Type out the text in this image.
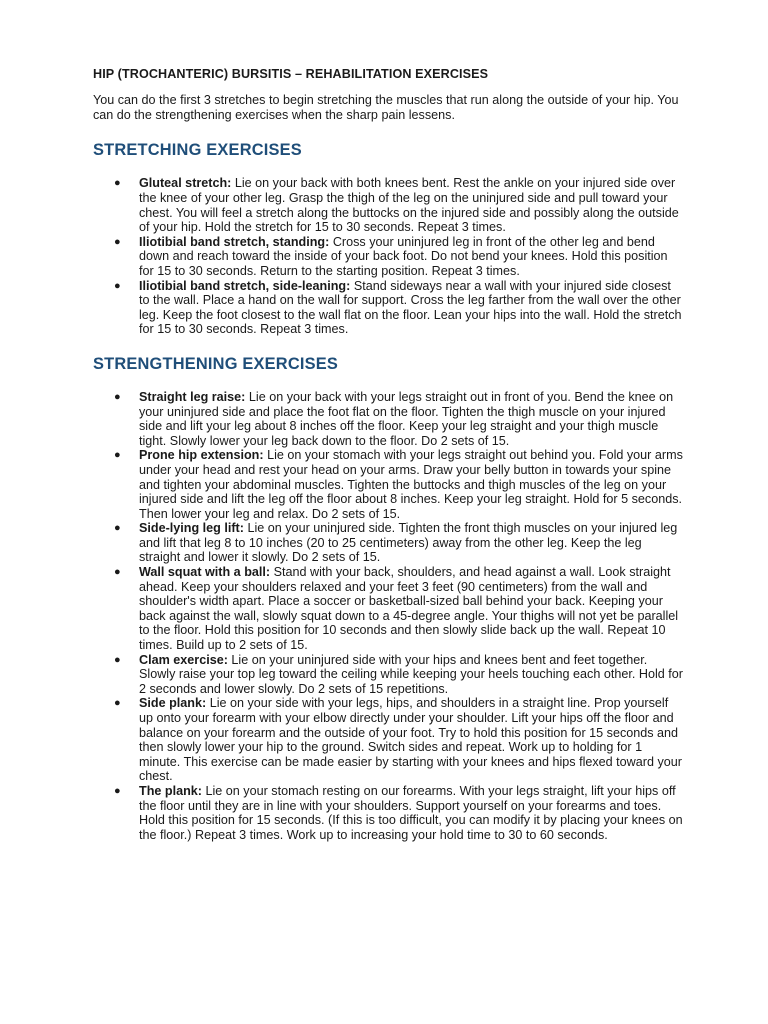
HIP (TROCHANTERIC) BURSITIS – REHABILITATION EXERCISES

You can do the first 3 stretches to begin stretching the muscles that run along the outside of your hip. You can do the strengthening exercises when the sharp pain lessens.

STRETCHING EXERCISES
● Gluteal stretch: Lie on your back with both knees bent. Rest the ankle on your injured side over the knee of your other leg. Grasp the thigh of the leg on the uninjured side and pull toward your chest. You will feel a stretch along the buttocks on the injured side and possibly along the outside of your hip. Hold the stretch for 15 to 30 seconds. Repeat 3 times.
● Iliotibial band stretch, standing: Cross your uninjured leg in front of the other leg and bend down and reach toward the inside of your back foot. Do not bend your knees. Hold this position for 15 to 30 seconds. Return to the starting position. Repeat 3 times.
● Iliotibial band stretch, side-leaning: Stand sideways near a wall with your injured side closest to the wall. Place a hand on the wall for support. Cross the leg farther from the wall over the other leg. Keep the foot closest to the wall flat on the floor. Lean your hips into the wall. Hold the stretch for 15 to 30 seconds. Repeat 3 times.
STRENGTHENING EXERCISES
● Straight leg raise: Lie on your back with your legs straight out in front of you. Bend the knee on your uninjured side and place the foot flat on the floor. Tighten the thigh muscle on your injured side and lift your leg about 8 inches off the floor. Keep your leg straight and your thigh muscle tight. Slowly lower your leg back down to the floor. Do 2 sets of 15.
● Prone hip extension: Lie on your stomach with your legs straight out behind you. Fold your arms under your head and rest your head on your arms. Draw your belly button in towards your spine and tighten your abdominal muscles. Tighten the buttocks and thigh muscles of the leg on your injured side and lift the leg off the floor about 8 inches. Keep your leg straight. Hold for 5 seconds. Then lower your leg and relax. Do 2 sets of 15.
● Side-lying leg lift: Lie on your uninjured side. Tighten the front thigh muscles on your injured leg and lift that leg 8 to 10 inches (20 to 25 centimeters) away from the other leg. Keep the leg straight and lower it slowly. Do 2 sets of 15.
● Wall squat with a ball: Stand with your back, shoulders, and head against a wall. Look straight ahead. Keep your shoulders relaxed and your feet 3 feet (90 centimeters) from the wall and shoulder's width apart. Place a soccer or basketball-sized ball behind your back. Keeping your back against the wall, slowly squat down to a 45-degree angle. Your thighs will not yet be parallel to the floor. Hold this position for 10 seconds and then slowly slide back up the wall. Repeat 10 times. Build up to 2 sets of 15.
● Clam exercise: Lie on your uninjured side with your hips and knees bent and feet together. Slowly raise your top leg toward the ceiling while keeping your heels touching each other. Hold for 2 seconds and lower slowly. Do 2 sets of 15 repetitions.
● Side plank: Lie on your side with your legs, hips, and shoulders in a straight line. Prop yourself up onto your forearm with your elbow directly under your shoulder. Lift your hips off the floor and balance on your forearm and the outside of your foot. Try to hold this position for 15 seconds and then slowly lower your hip to the ground. Switch sides and repeat. Work up to holding for 1 minute. This exercise can be made easier by starting with your knees and hips flexed toward your chest.
● The plank: Lie on your stomach resting on our forearms. With your legs straight, lift your hips off the floor until they are in line with your shoulders. Support yourself on your forearms and toes. Hold this position for 15 seconds. (If this is too difficult, you can modify it by placing your knees on the floor.) Repeat 3 times. Work up to increasing your hold time to 30 to 60 seconds.
